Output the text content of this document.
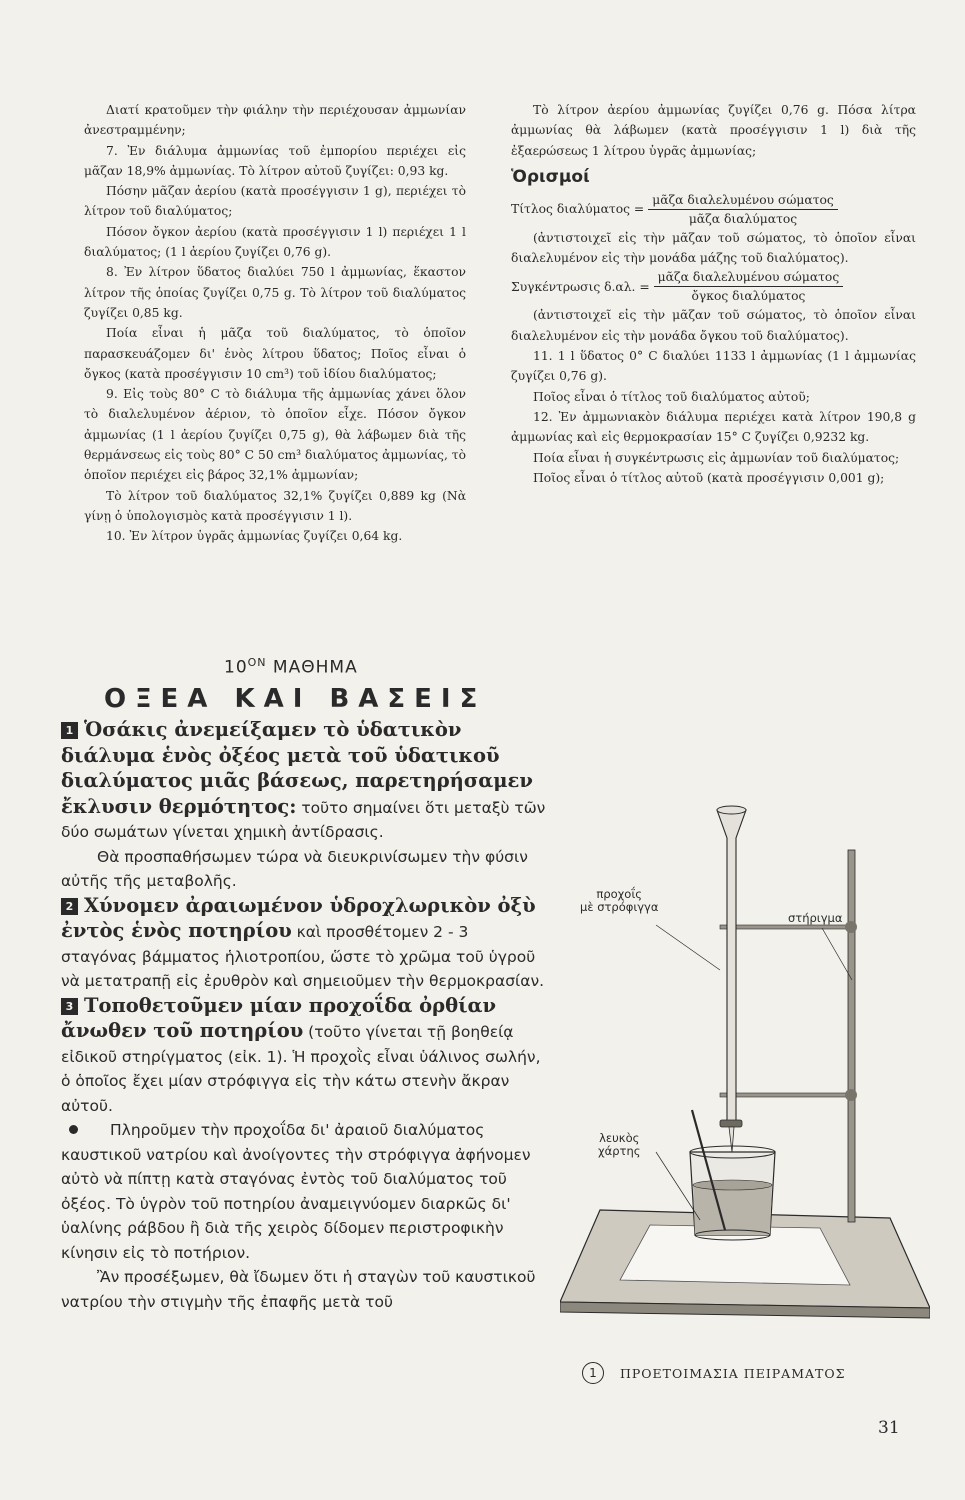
Διατί κρατοῦμεν τὴν φιάλην τὴν περιέχουσαν ἀμμωνίαν ἀνεστραμμένην;

7. Ἐν διάλυμα ἀμμωνίας τοῦ ἐμπορίου περιέχει εἰς μᾶζαν 18,9% ἀμμωνίας. Τὸ λίτρον αὐτοῦ ζυγίζει: 0,93 kg.

Πόσην μᾶζαν ἀερίου (κατὰ προσέγγισιν 1 g), περιέχει τὸ λίτρον τοῦ διαλύματος;

Πόσον ὄγκον ἀερίου (κατὰ προσέγγισιν 1 l) περιέχει 1 l διαλύματος; (1 l ἀερίου ζυγίζει 0,76 g).

8. Ἐν λίτρον ὕδατος διαλύει 750 l ἀμμωνίας, ἕκαστον λίτρον τῆς ὁποίας ζυγίζει 0,75 g. Τὸ λίτρον τοῦ διαλύματος ζυγίζει 0,85 kg.

Ποία εἶναι ἡ μᾶζα τοῦ διαλύματος, τὸ ὁποῖον παρασκευάζομεν δι' ἑνὸς λίτρου ὕδατος; Ποῖος εἶναι ὁ ὄγκος (κατὰ προσέγγισιν 10 cm³) τοῦ ἰδίου διαλύματος;

9. Εἰς τοὺς 80° C τὸ διάλυμα τῆς ἀμμωνίας χάνει ὅλον τὸ διαλελυμένον ἀέριον, τὸ ὁποῖον εἶχε. Πόσον ὄγκον ἀμμωνίας (1 l ἀερίου ζυγίζει 0,75 g), θὰ λάβωμεν διὰ τῆς θερμάνσεως εἰς τοὺς 80° C 50 cm³ διαλύματος ἀμμωνίας, τὸ ὁποῖον περιέχει εἰς βάρος 32,1% ἀμμωνίαν;

Τὸ λίτρον τοῦ διαλύματος 32,1% ζυγίζει 0,889 kg (Νὰ γίνῃ ὁ ὑπολογισμὸς κατὰ προσέγγισιν 1 l).

10. Ἐν λίτρον ὑγρᾶς ἀμμωνίας ζυγίζει 0,64 kg.

Τὸ λίτρον ἀερίου ἀμμωνίας ζυγίζει 0,76 g. Πόσα λίτρα ἀμμωνίας θὰ λάβωμεν (κατὰ προσέγγισιν 1 l) διὰ τῆς ἐξαερώσεως 1 λίτρου ὑγρᾶς ἀμμωνίας;

Ὁρισμοί
Τίτλος $\delta\iota\alpha\lambda ύ\mu\alpha\tau o\varsigma = \frac{\text{μᾶζα διαλελυμένου σώματος}}{\text{μᾶζα διαλύματος}}$

(ἀντιστοιχεῖ εἰς τὴν μᾶζαν τοῦ σώματος, τὸ ὁποῖον εἶναι διαλελυμένον εἰς τὴν μονάδα μάζης τοῦ διαλύματος).

Συγκέντρωσις δ.αλ. = $\frac{\text{μᾶζα διαλελυμένου σώματος}}{\text{ὄγκος διαλύματος}}$

(ἀντιστοιχεῖ εἰς τὴν μᾶζαν τοῦ σώματος, τὸ ὁποῖον εἶναι διαλελυμένον εἰς τὴν μονάδα ὄγκου τοῦ διαλύματος).

11. 1 l ὕδατος 0° C διαλύει 1133 l ἀμμωνίας (1 l ἀμμωνίας ζυγίζει 0,76 g).

Ποῖος εἶναι ὁ τίτλος τοῦ διαλύματος αὐτοῦ;

12. Ἐν ἀμμωνιακὸν διάλυμα περιέχει κατὰ λίτρον 190,8 g ἀμμωνίας καὶ εἰς θερμοκρασίαν 15° C ζυγίζει 0,9232 kg.

Ποία εἶναι ἡ συγκέντρωσις εἰς ἀμμωνίαν τοῦ διαλύματος;

Ποῖος εἶναι ὁ τίτλος αὐτοῦ (κατὰ προσέγγισιν 0,001 g);

$10^{ON}$ ΜΑΘΗΜΑ
ΟΞΕΑ ΚΑΙ ΒΑΣΕΙΣ

1 Ὁσάκις ἀνεμείξαμεν τὸ ὑδατικὸν διάλυμα ἑνὸς ὀξέος μετὰ τοῦ ὑδατικοῦ διαλύματος μιᾶς βάσεως, παρετηρήσαμεν ἔκλυσιν θερμότητος: τοῦτο σημαίνει ὅτι μεταξὺ τῶν δύο σωμάτων γίνεται χημικὴ ἀντίδρασις.

Θὰ προσπαθήσωμεν τώρα νὰ διευκρινίσωμεν τὴν φύσιν αὐτῆς τῆς μεταβολῆς.

2 Χύνομεν ἀραιωμένον ὑδροχλωρικὸν ὀξὺ ἐντὸς ἑνὸς ποτηρίου καὶ προσθέτομεν 2 - 3 σταγόνας βάμματος ἡλιοτροπίου, ὥστε τὸ χρῶμα τοῦ ὑγροῦ νὰ μετατραπῇ εἰς ἐρυθρὸν καὶ σημειοῦμεν τὴν θερμοκρασίαν.

3 Τοποθετοῦμεν μίαν προχοΐδα ὀρθίαν ἄνωθεν τοῦ ποτηρίου (τοῦτο γίνεται τῇ βοηθείᾳ εἰδικοῦ στηρίγματος (εἰκ. 1). Ἡ προχοῒς εἶναι ὑάλινος σωλήν, ὁ ὁποῖος ἔχει μίαν στρόφιγγα εἰς τὴν κάτω στενὴν ἄκραν αὐτοῦ.

Πληροῦμεν τὴν προχοΐδα δι' ἀραιοῦ διαλύματος καυστικοῦ νατρίου καὶ ἀνοίγοντες τὴν στρόφιγγα ἀφήνομεν αὐτὸ νὰ πίπτῃ κατὰ σταγόνας ἐντὸς τοῦ διαλύματος τοῦ ὀξέος. Τὸ ὑγρὸν τοῦ ποτηρίου ἀναμειγνύομεν διαρκῶς δι' ὑαλίνης ράβδου ἢ διὰ τῆς χειρὸς δίδομεν περιστροφικὴν κίνησιν εἰς τὸ ποτήριον.

Ἂν προσέξωμεν, θὰ ἴδωμεν ὅτι ἡ σταγὼν τοῦ καυστικοῦ νατρίου τὴν στιγμὴν τῆς ἐπαφῆς μετὰ τοῦ

προχοΐς
μὲ στρόφιγγα
στήριγμα
λευκὸς
χάρτης
1	ΠΡΟΕΤΟΙΜΑΣΙΑ ΠΕΙΡΑΜΑΤΟΣ
31
